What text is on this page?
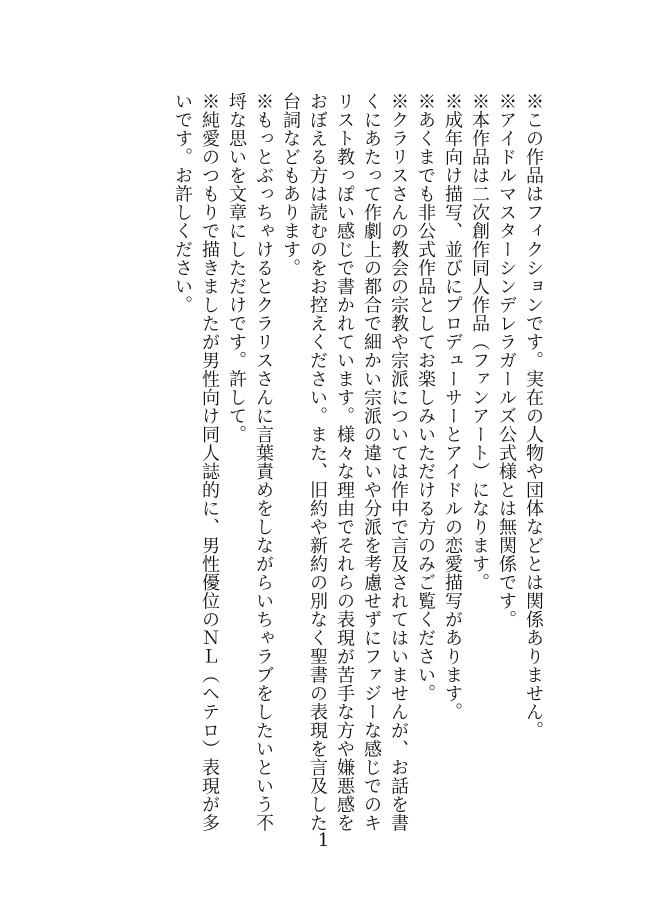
※この作品はフィクションです。実在の人物や団体などとは関係ありません。

※アイドルマスターシンデレラガールズ公式様とは無関係です。

※本作品は二次創作同人作品（ファンアート）になります。

※成年向け描写、並びにプロデューサーとアイドルの恋愛描写があります。

※あくまでも非公式作品としてお楽しみいただける方のみご覧ください。

※クラリスさんの教会の宗教や宗派については作中で言及されてはいませんが、お話を書くにあたって作劇上の都合で細かい宗派の違いや分派を考慮せずにファジーな感じでのキリスト教っぽい感じで書かれています。様々な理由でそれらの表現が苦手な方や嫌悪感をおぼえる方は読むのをお控えください。また、旧約や新約の別なく聖書の表現を言及した台詞などもあります。

※もっとぶっちゃけるとクラリスさんに言葉責めをしながらいちゃラブをしたいという不埒な思いを文章にしただけです。許して。

※純愛のつもりで描きましたが男性向け同人誌的に、男性優位のＮＬ（ヘテロ）表現が多いです。お許しください。

1
